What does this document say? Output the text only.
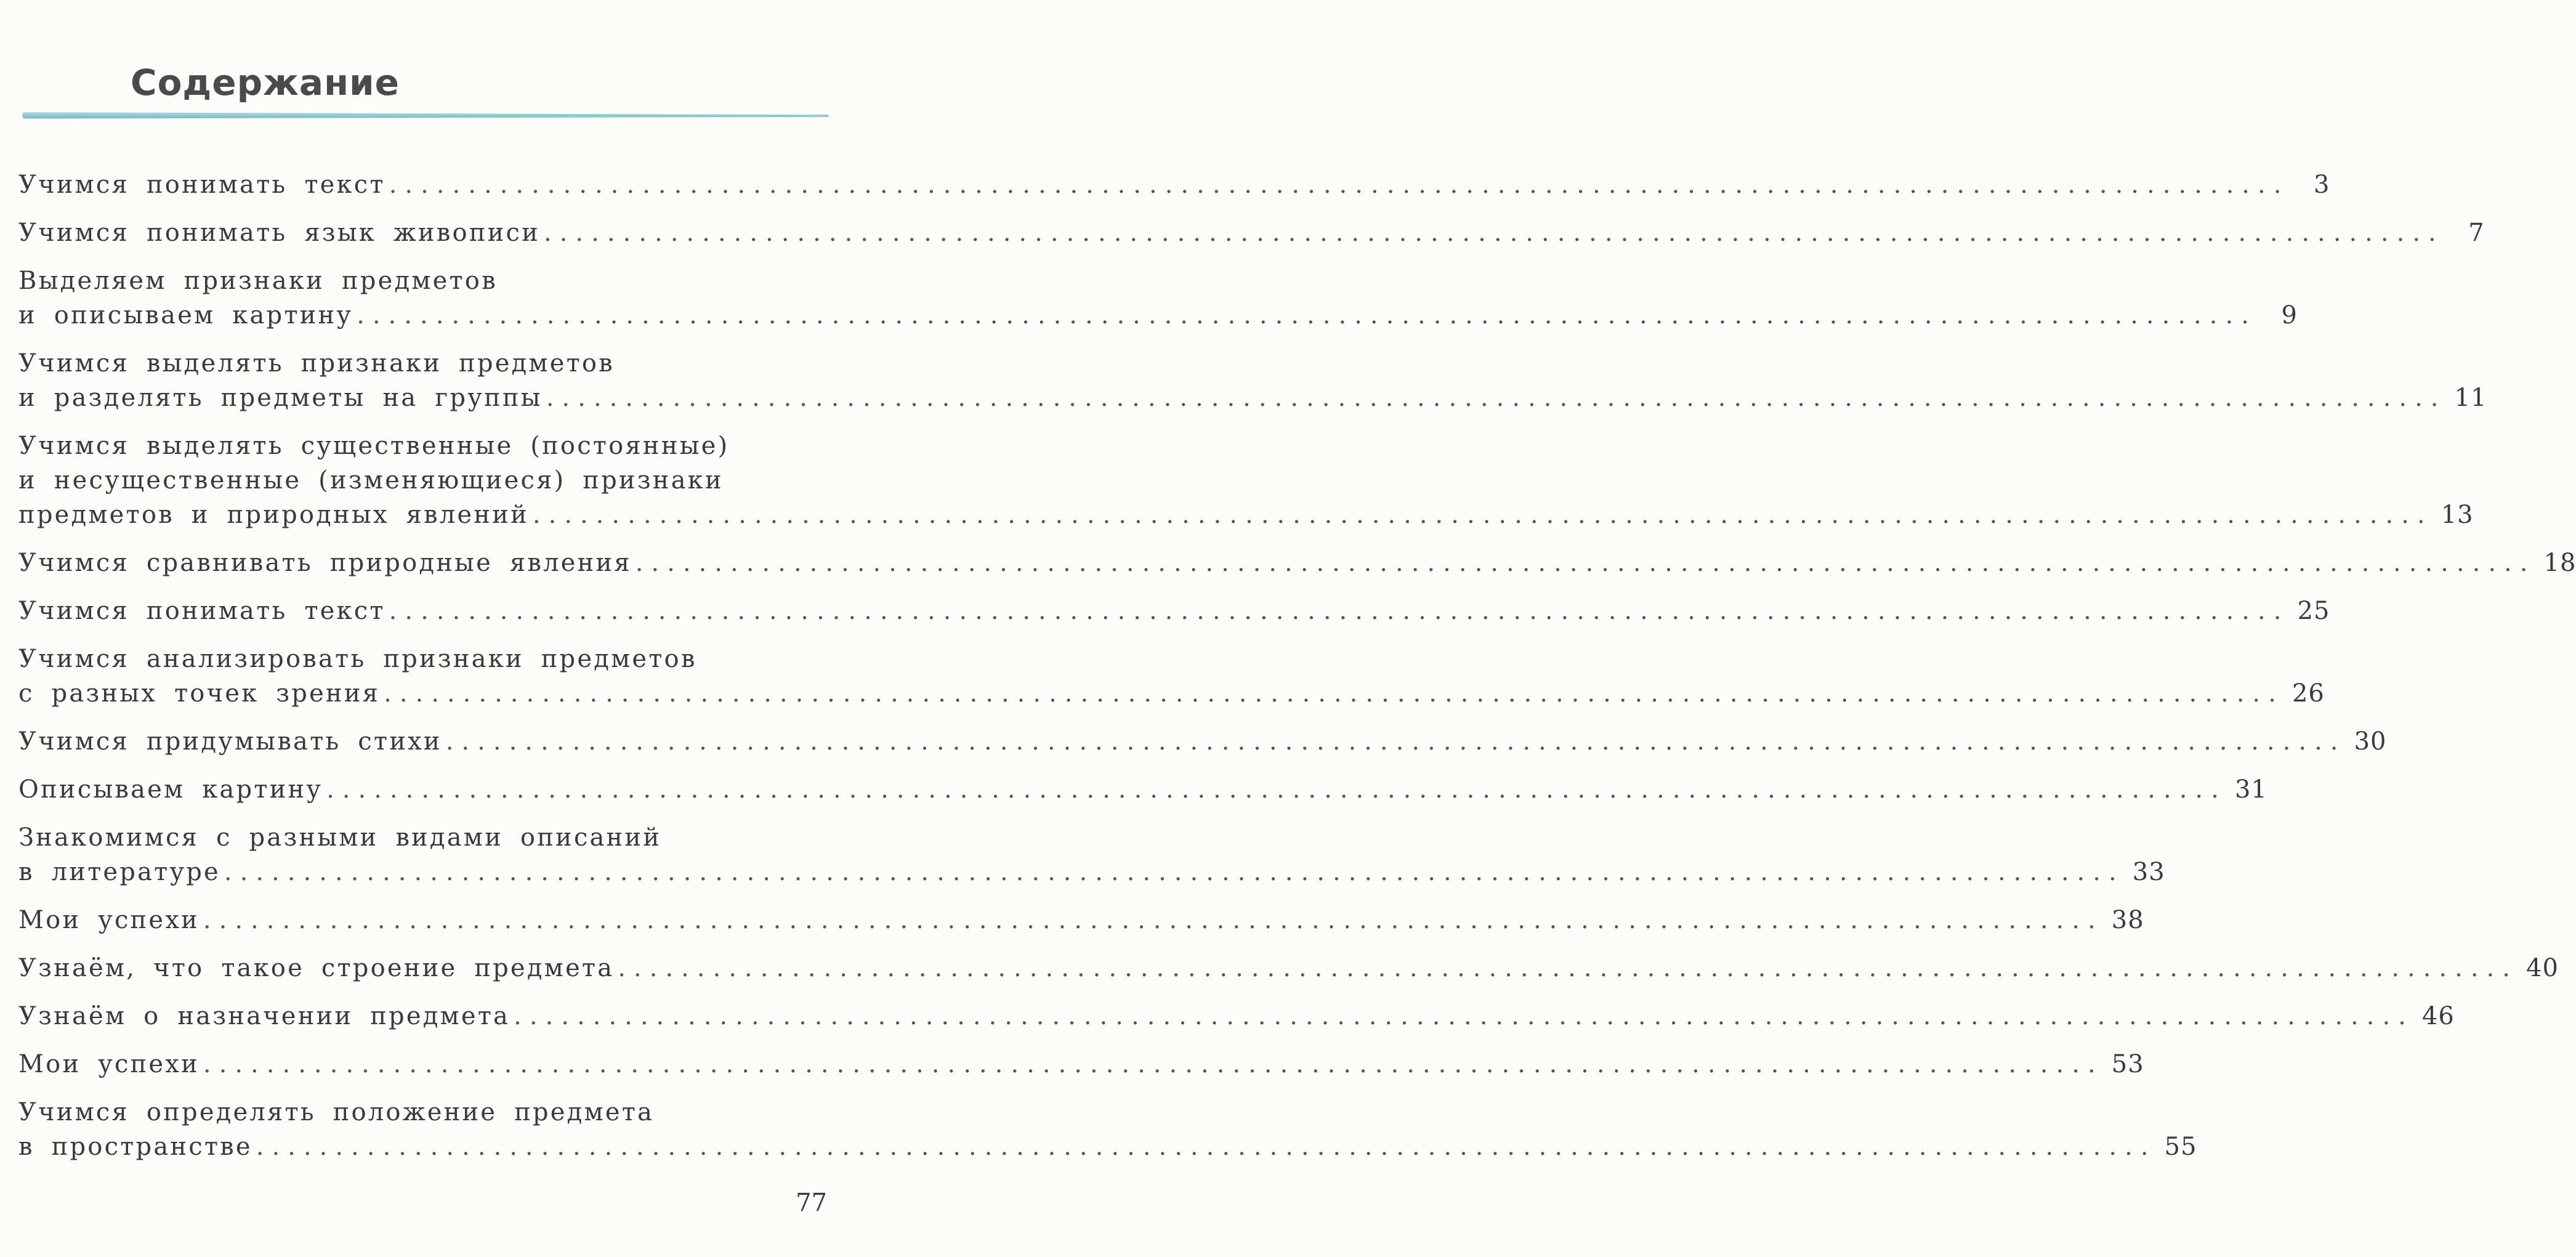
Содержание
Учимся понимать текст ........................................................................................................................ 3
Учимся понимать язык живописи ........................................................................................................................ 7
Выделяем признаки предметов
и описываем картину ........................................................................................................................ 9
Учимся выделять признаки предметов
и разделять предметы на группы ........................................................................................................................ 11
Учимся выделять существенные (постоянные)
и несущественные (изменяющиеся) признаки
предметов и природных явлений ........................................................................................................................ 13
Учимся сравнивать природные явления ........................................................................................................................ 18
Учимся понимать текст ........................................................................................................................ 25
Учимся анализировать признаки предметов
с разных точек зрения ........................................................................................................................ 26
Учимся придумывать стихи ........................................................................................................................ 30
Описываем картину ........................................................................................................................ 31
Знакомимся с разными видами описаний
в литературе ........................................................................................................................ 33
Мои успехи ........................................................................................................................ 38
Узнаём, что такое строение предмета ........................................................................................................................ 40
Узнаём о назначении предмета ........................................................................................................................ 46
Мои успехи ........................................................................................................................ 53
Учимся определять положение предмета
в пространстве ........................................................................................................................ 55
77
